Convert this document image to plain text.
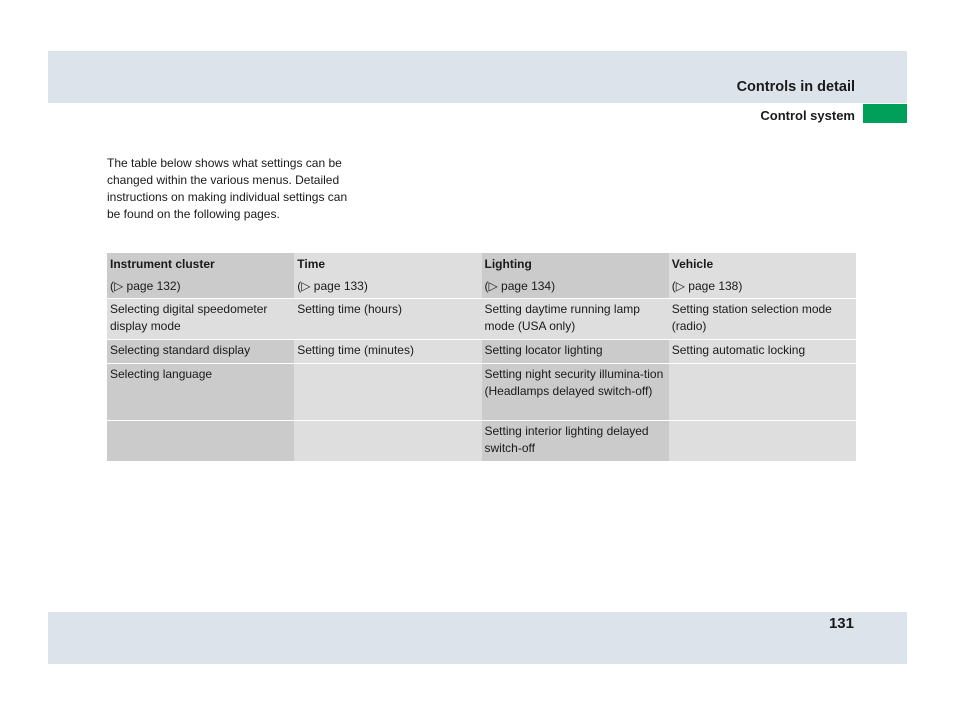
Controls in detail
Control system

The table below shows what settings can be changed within the various menus. Detailed instructions on making individual settings can be found on the following pages.

Instrument cluster	Time	Lighting	Vehicle
(▷ page 132)	(▷ page 133)	(▷ page 134)	(▷ page 138)
Selecting digital speedometer display mode	Setting time (hours)	Setting daytime running lamp mode (USA only)	Setting station selection mode (radio)
Selecting standard display	Setting time (minutes)	Setting locator lighting	Setting automatic locking
Selecting language		Setting night security illumina-tion (Headlamps delayed switch-off)	
		Setting interior lighting delayed switch-off	
131
